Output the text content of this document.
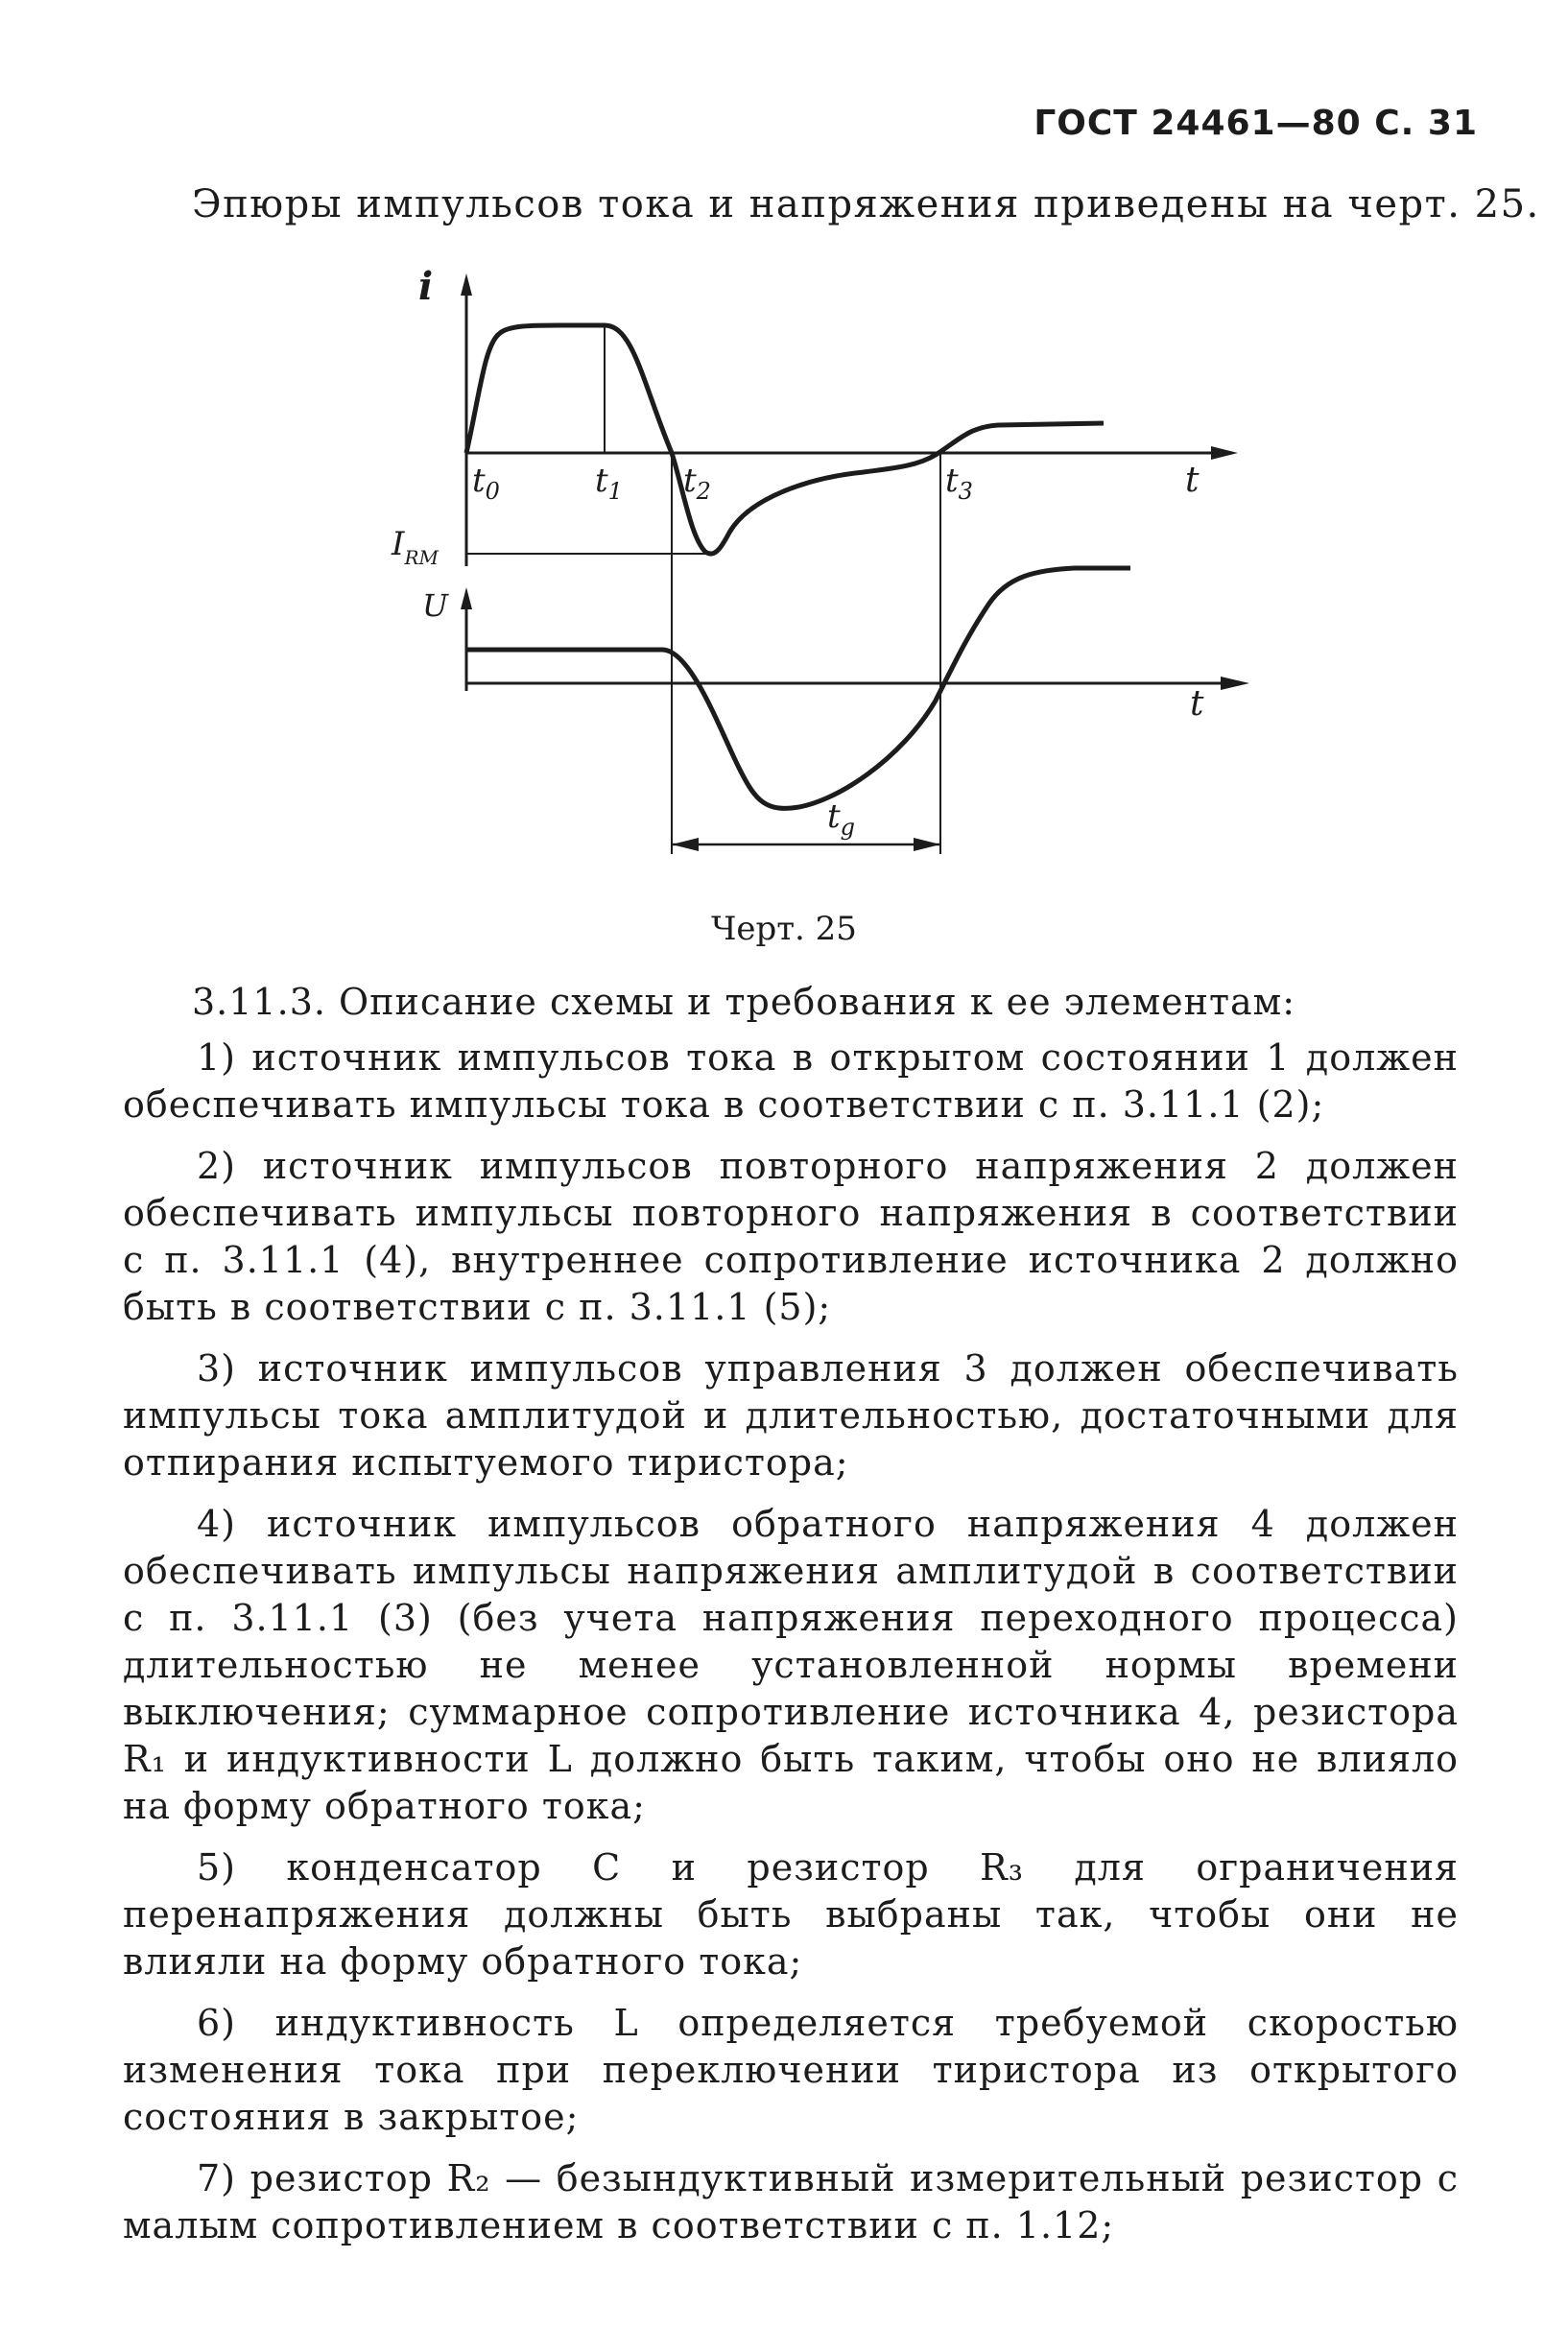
ГОСТ 24461—80 С. 31
Эпюры импульсов тока и напряжения приведены на черт. 25.
i
U
t
t
$t_0$	$t_1$ $t_2$	$t_3$
$I_{RM}$
$t_g$
Черт. 25
3.11.3. Описание схемы и требования к ее элементам:

1) источник импульсов тока в открытом состоянии 1 должен обеспечивать импульсы тока в соответствии с п. 3.11.1 (2);

2) источник импульсов повторного напряжения 2 должен обеспечивать импульсы повторного напряжения в соответствии с п. 3.11.1 (4), внутреннее сопротивление источника 2 должно быть в соответствии с п. 3.11.1 (5);

3) источник импульсов управления 3 должен обеспечивать импульсы тока амплитудой и длительностью, достаточными для отпирания испытуемого тиристора;

4) источник импульсов обратного напряжения 4 должен обеспечивать импульсы напряжения амплитудой в соответствии с п. 3.11.1 (3) (без учета напряжения переходного процесса) длительностью не менее установленной нормы времени выключения; суммарное сопротивление источника 4, резистора R₁ и индуктивности L должно быть таким, чтобы оно не влияло на форму обратного тока;

5) конденсатор C и резистор R₃ для ограничения перенапряжения должны быть выбраны так, чтобы они не влияли на форму обратного тока;

6) индуктивность L определяется требуемой скоростью изменения тока при переключении тиристора из открытого состояния в закрытое;

7) резистор R₂ — безындуктивный измерительный резистор с малым сопротивлением в соответствии с п. 1.12;
